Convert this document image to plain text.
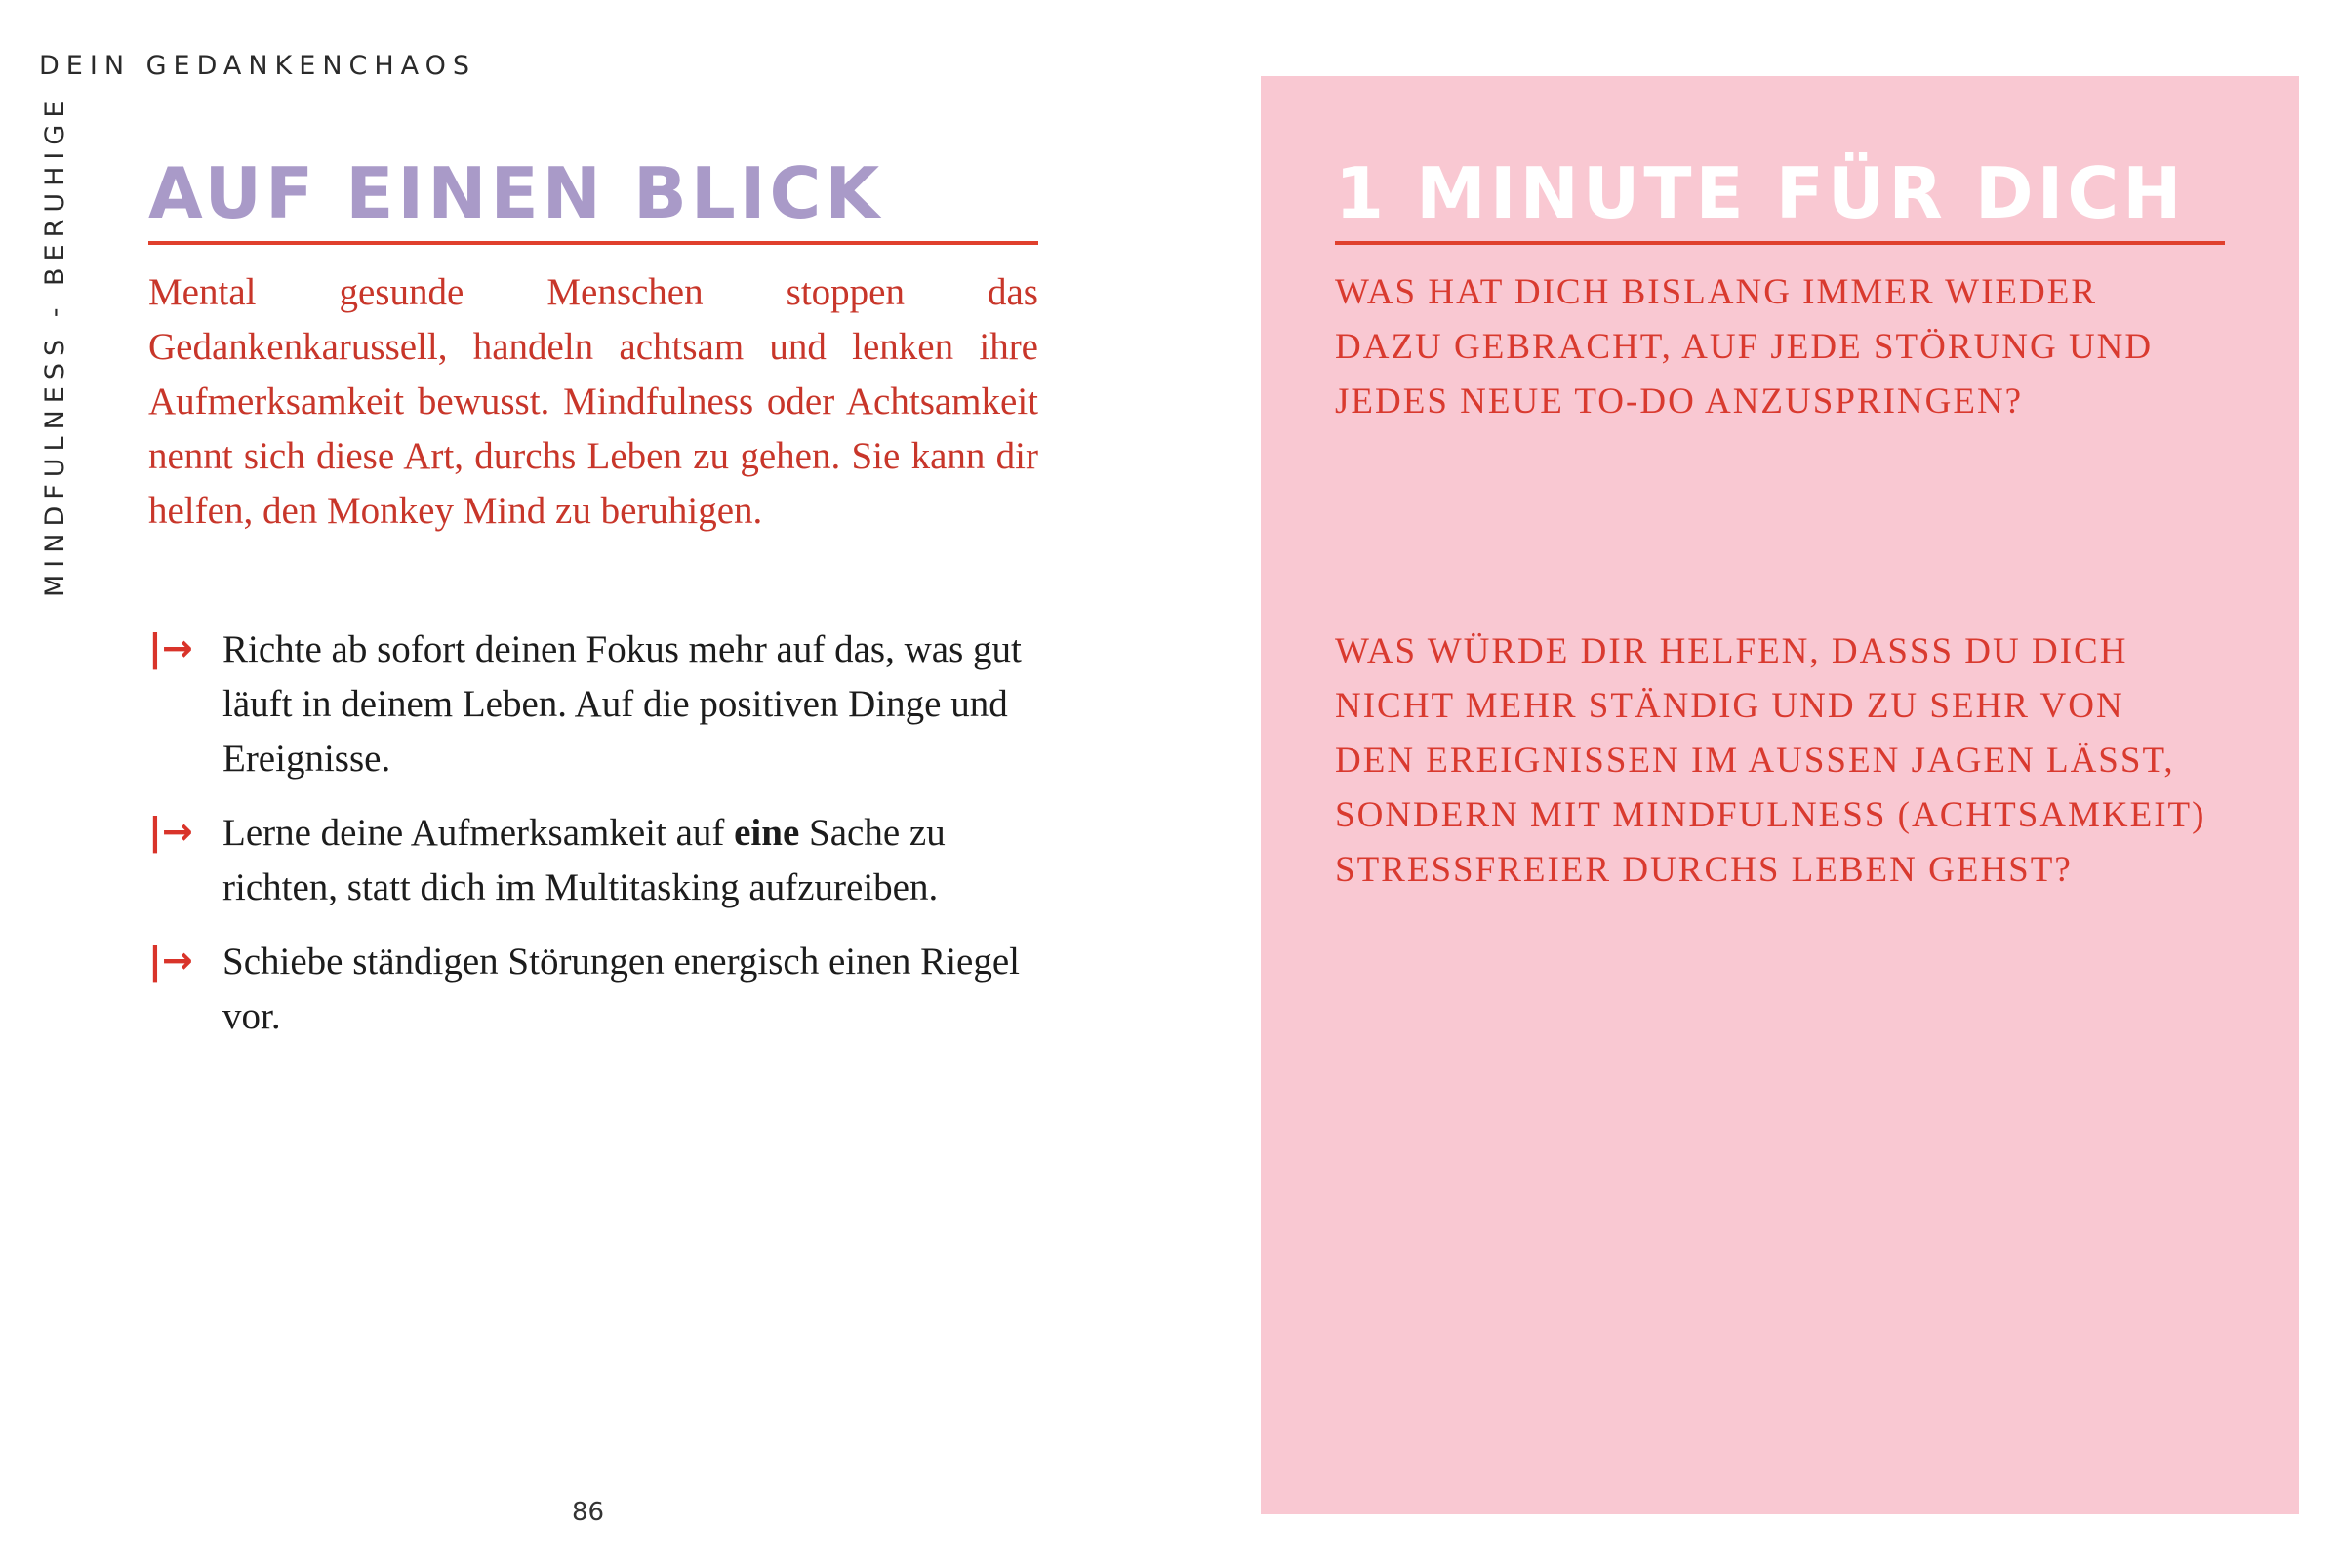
DEIN GEDANKENCHAOS
MINDFULNESS - BERUHIGE AUF EINEN BLICK

Mental gesunde Menschen stoppen das Gedankenkarussell, handeln achtsam und lenken ihre Aufmerksamkeit bewusst. Mindfulness oder Achtsamkeit nennt sich diese Art, durchs Leben zu gehen. Sie kann dir helfen, den Monkey Mind zu beruhigen.

|→ Richte ab sofort deinen Fokus mehr auf das, was gut läuft in deinem Leben. Auf die positiven Dinge und Ereignisse.
|→ Lerne deine Aufmerksamkeit auf eine Sache zu richten, statt dich im Multitasking aufzureiben.
|→ Schiebe ständigen Störungen energisch einen Riegel vor.
86
1 MINUTE FÜR DICH

WAS HAT DICH BISLANG IMMER WIEDER DAZU GEBRACHT, AUF JEDE STÖRUNG UND JEDES NEUE TO-DO ANZUSPRINGEN?

WAS WÜRDE DIR HELFEN, DASSS DU DICH NICHT MEHR STÄNDIG UND ZU SEHR VON DEN EREIGNISSEN IM AUSSEN JAGEN LÄSST, SONDERN MIT MINDFULNESS (ACHTSAMKEIT) STRESSFREIER DURCHS LEBEN GEHST?
